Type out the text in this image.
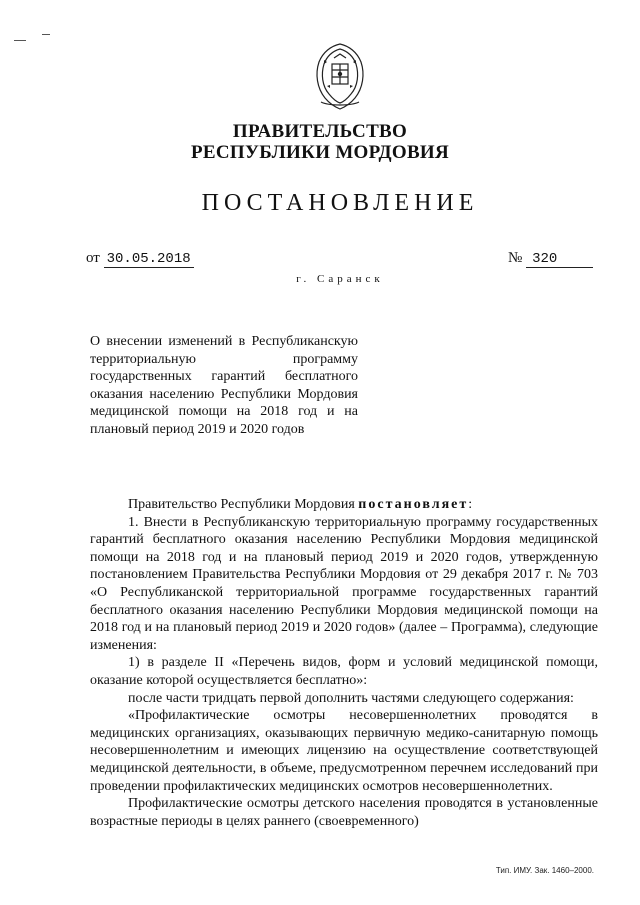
ПРАВИТЕЛЬСТВО
РЕСПУБЛИКИ МОРДОВИЯ
ПОСТАНОВЛЕНИЕ
от 30.05.2018	№ 320
г. Саранск
О внесении изменений в Республиканскую территориальную программу государственных гарантий бесплатного оказания населению Республики Мордовия медицинской помощи на 2018 год и на плановый период 2019 и 2020 годов

Правительство Республики Мордовия постановляет:

1. Внести в Республиканскую территориальную программу государственных гарантий бесплатного оказания населению Республики Мордовия медицинской помощи на 2018 год и на плановый период 2019 и 2020 годов, утвержденную постановлением Правительства Республики Мордовия от 29 декабря 2017 г. № 703 «О Республиканской территориальной программе государственных гарантий бесплатного оказания населению Республики Мордовия медицинской помощи на 2018 год и на плановый период 2019 и 2020 годов» (далее – Программа), следующие изменения:

1) в разделе II «Перечень видов, форм и условий медицинской помощи, оказание которой осуществляется бесплатно»:

после части тридцать первой дополнить частями следующего содержания:

«Профилактические осмотры несовершеннолетних проводятся в медицинских организациях, оказывающих первичную медико-санитарную помощь несовершеннолетним и имеющих лицензию на осуществление соответствующей медицинской деятельности, в объеме, предусмотренном перечнем исследований при проведении профилактических медицинских осмотров несовершеннолетних.

Профилактические осмотры детского населения проводятся в установленные возрастные периоды в целях раннего (своевременного)

Тип. ИМУ. Зак. 1460–2000.
